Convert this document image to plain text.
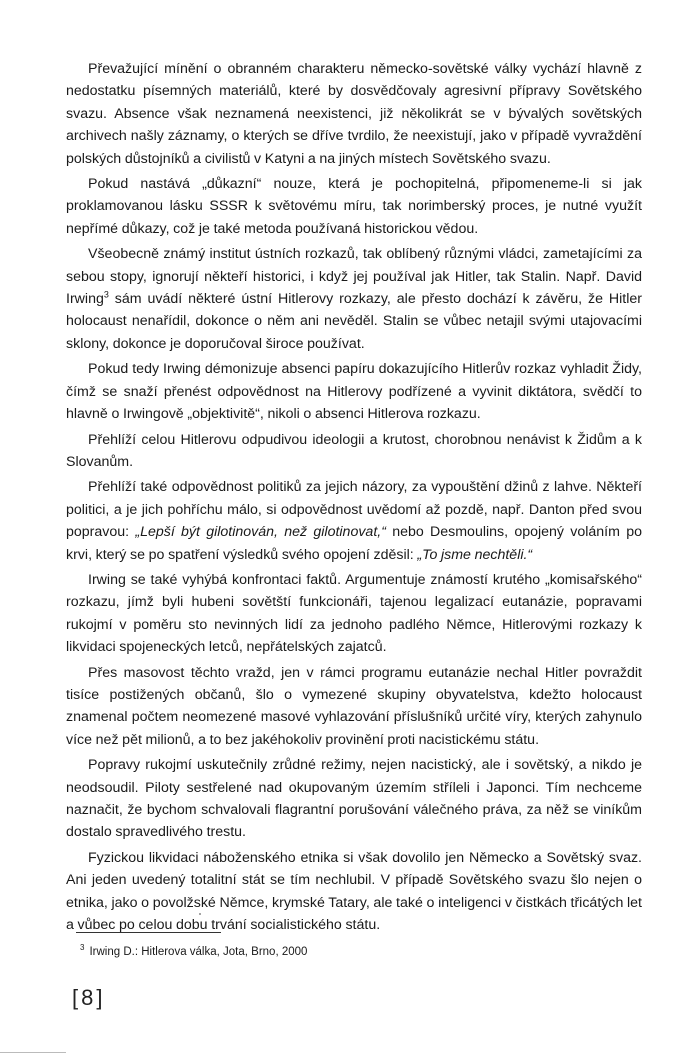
Převažující mínění o obranném charakteru německo-sovětské války vychází hlavně z nedostatku písemných materiálů, které by dosvědčovaly agresivní přípravy Sovětského svazu. Absence však neznamená neexistenci, již několikrát se v bývalých sovětských archivech našly záznamy, o kterých se dříve tvrdilo, že neexistují, jako v případě vyvraždění polských důstojníků a civilistů v Katyni a na jiných místech Sovětského svazu.

Pokud nastává „důkazní“ nouze, která je pochopitelná, připomeneme-li si jak proklamovanou lásku SSSR k světovému míru, tak norimberský proces, je nutné využít nepřímé důkazy, což je také metoda používaná historickou vědou.

Všeobecně známý institut ústních rozkazů, tak oblíbený různými vládci, zametajícími za sebou stopy, ignorují někteří historici, i když jej používal jak Hitler, tak Stalin. Např. David Irwing$^3$ sám uvádí některé ústní Hitlerovy rozkazy, ale přesto dochází k závěru, že Hitler holocaust nenařídil, dokonce o něm ani nevěděl. Stalin se vůbec netajil svými utajovacími sklony, dokonce je doporučoval široce používat.

Pokud tedy Irwing démonizuje absenci papíru dokazujícího Hitlerův rozkaz vyhladit Židy, čímž se snaží přenést odpovědnost na Hitlerovy podřízené a vyvinit diktátora, svědčí to hlavně o Irwingově „objektivitě“, nikoli o absenci Hitlerova rozkazu.

Přehlíží celou Hitlerovu odpudivou ideologii a krutost, chorobnou nenávist k Židům a k Slovanům.

Přehlíží také odpovědnost politiků za jejich názory, za vypouštění džinů z lahve. Někteří politici, a je jich pohříchu málo, si odpovědnost uvědomí až pozdě, např. Danton před svou popravou: „Lepší být gilotinován, než gilotinovat,“ nebo Desmoulins, opojený voláním po krvi, který se po spatření výsledků svého opojení zděsil: „To jsme nechtěli.“

Irwing se také vyhýbá konfrontaci faktů. Argumentuje známostí krutého „komisařského“ rozkazu, jímž byli hubeni sovětští funkcionáři, tajenou legalizací eutanázie, popravami rukojmí v poměru sto nevinných lidí za jednoho padlého Němce, Hitlerovými rozkazy k likvidaci spojeneckých letců, nepřátelských zajatců.

Přes masovost těchto vražd, jen v rámci programu eutanázie nechal Hitler povraždit tisíce postižených občanů, šlo o vymezené skupiny obyvatelstva, kdežto holocaust znamenal počtem neomezené masové vyhlazování příslušníků určité víry, kterých zahynulo více než pět milionů, a to bez jakéhokoliv provinění proti nacistickému státu.

Popravy rukojmí uskutečnily zrůdné režimy, nejen nacistický, ale i sovětský, a nikdo je neodsoudil. Piloty sestřelené nad okupovaným územím stříleli i Japonci. Tím nechceme naznačit, že bychom schvalovali flagrantní porušování válečného práva, za něž se viníkům dostalo spravedlivého trestu.

Fyzickou likvidaci náboženského etnika si však dovolilo jen Německo a Sovětský svaz. Ani jeden uvedený totalitní stát se tím nechlubil. V případě Sovětského svazu šlo nejen o etnika, jako o povolžské Němce, krymské Tatary, ale také o inteligenci v čistkách třicátých let a vůbec po celou dobu trvání socialistického státu.

$^3$ Irwing D.: Hitlerova válka, Jota, Brno, 2000
[8]
